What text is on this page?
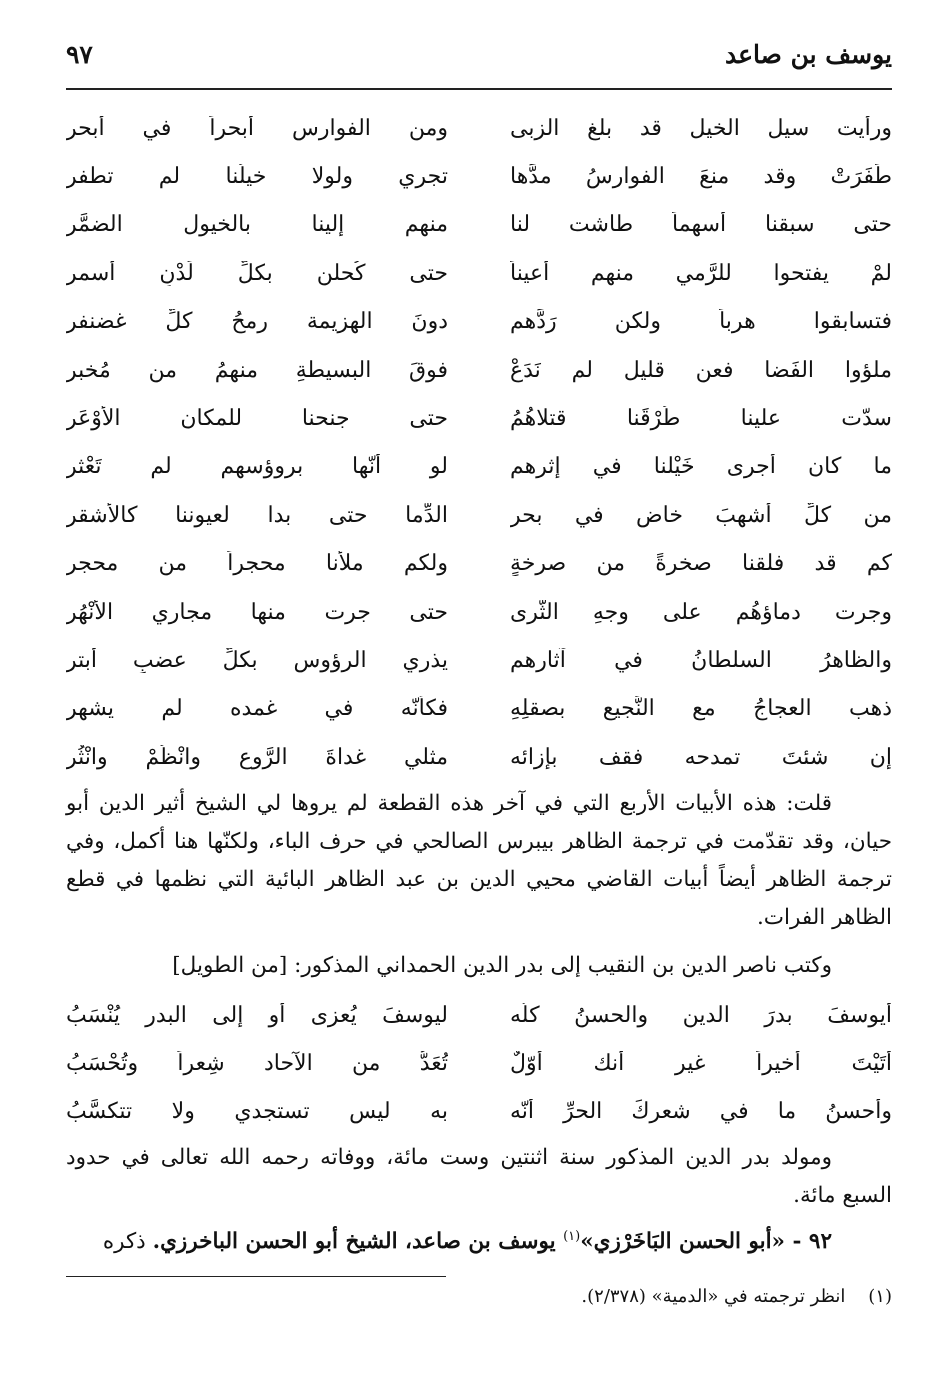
يوسف بن صاعد
٩٧
ورأيت سيل الخيل قد بلغ الزبى
ومن الفوارس أبحراً في أبحر
طَفَرَتْ وقد منعَ الفوارسُ مدَّها
تجري ولولا خيلُنا لم تطفر
حتى سبقنا أسهماً طاشت لنا
منهم إلينا بالخيول الضمَّر
لمْ يفتحوا للرَّمي منهم أعيناً
حتى كُحلن بكلِّ لَدْنٍ أسمرِ
فتسابقوا هرباً ولكن رَدَّهم
دونَ الهزيمة رمحُ كلِّ غضنفر
ملؤوا الفَضا فعن قليل لم نَدَعْ
فوقَ البسيطةِ منهمُ من مُخبر
سدّت علينا طُرْقَنا قتلاهُمُ
حتى جنحنا للمكان الأوْعَر
ما كان أجرى خَيْلنا في إثرهم
لو أنّها بروؤسهم لم تَعْثر
من كلِّ أشهبَ خاض في بحر
الدِّما حتى بدا لعيوننا كالأشقر
كم قد فلقنا صخرةً من صرخةٍ
ولكم ملأنا محجراً من محجر
وجرت دماؤهُم على وجهِ الثَّرى
حتى جرت منها مجاري الأنْهُر
والظاهرُ السلطانُ في آثارهم
يذري الرؤوس بكلِّ عضبٍ أبتر
ذهب العجاجُ مع النَّجيع بصقلِهِ
فكأنّه في غمده لم يشهر
إن شئتَ تمدحه فقف بإزائه
مثلي غداةَ الرَّوعِ وانْظُمْ وانْثُر

قلت: هذه الأبيات الأربع التي في آخر هذه القطعة لم يروها لي الشيخ أثير الدين أبو حيان، وقد تقدّمت في ترجمة الظاهر بيبرس الصالحي في حرف الباء، ولكنّها هنا أكمل، وفي ترجمة الظاهر أيضاً أبيات القاضي محيي الدين بن عبد الظاهر البائية التي نظمها في قطع الظاهر الفرات.

وكتب ناصر الدين بن النقيب إلى بدر الدين الحمداني المذكور: [من الطويل]

أيوسفَ بدرَ الدين والحسنُ كلُّه
ليوسفَ يُعزى أو إلى البدرِ يُنْسَبُ
أتَيْتَ أخيراً غير أنك أوّلٌ
تُعَدُّ من الآحاد شِعراً وتُحْسَبُ
وأحسنُ ما في شعركَ الحرِّ أنّه
به ليس تستجدي ولا تتكسَّبُ

ومولد بدر الدين المذكور سنة اثنتين وست مائة، ووفاته رحمه الله تعالى في حدود السبع مائة.

٩٢ - «أبو الحسن البَاخَرْزي»$^{(١)}$ يوسف بن صاعد، الشيخ أبو الحسن الباخرزي. ذكره
(١)    انظر ترجمته في «الدمية» (٢/٣٧٨).
